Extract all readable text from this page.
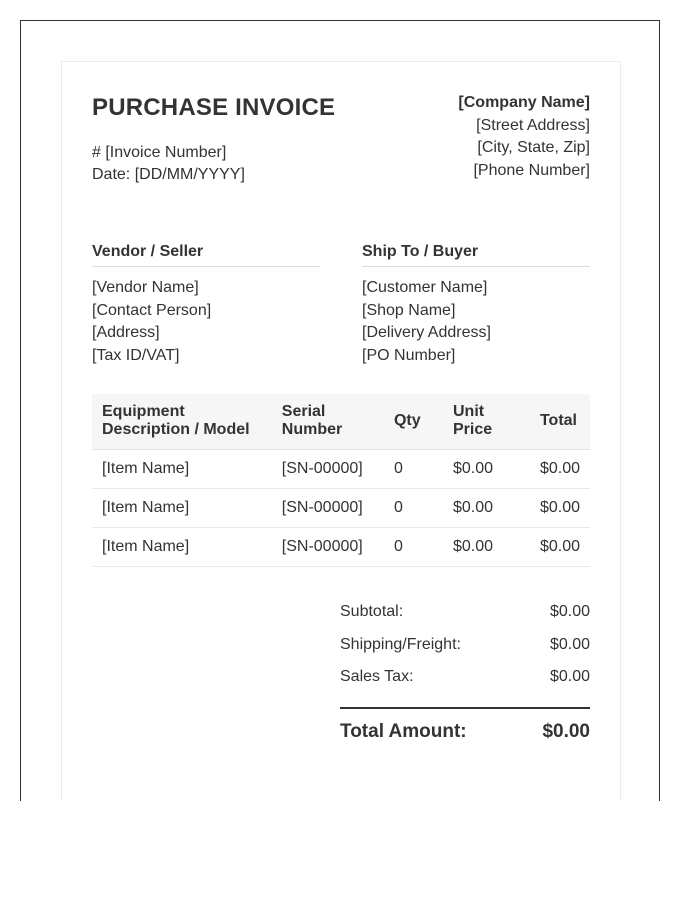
PURCHASE INVOICE
# [Invoice Number]
Date: [DD/MM/YYYY]
[Company Name]
[Street Address]
[City, State, Zip]
[Phone Number]
Vendor / Seller
[Vendor Name]
[Contact Person]
[Address]
[Tax ID/VAT]
Ship To / Buyer
[Customer Name]
[Shop Name]
[Delivery Address]
[PO Number]
Equipment Description / Model	Serial Number	Qty	Unit Price	Total
[Item Name]	[SN-00000]	0	$0.00	$0.00
[Item Name]	[SN-00000]	0	$0.00	$0.00
[Item Name]	[SN-00000]	0	$0.00	$0.00
Subtotal:	$0.00
Shipping/Freight:	$0.00
Sales Tax:	$0.00
Total Amount:	$0.00
